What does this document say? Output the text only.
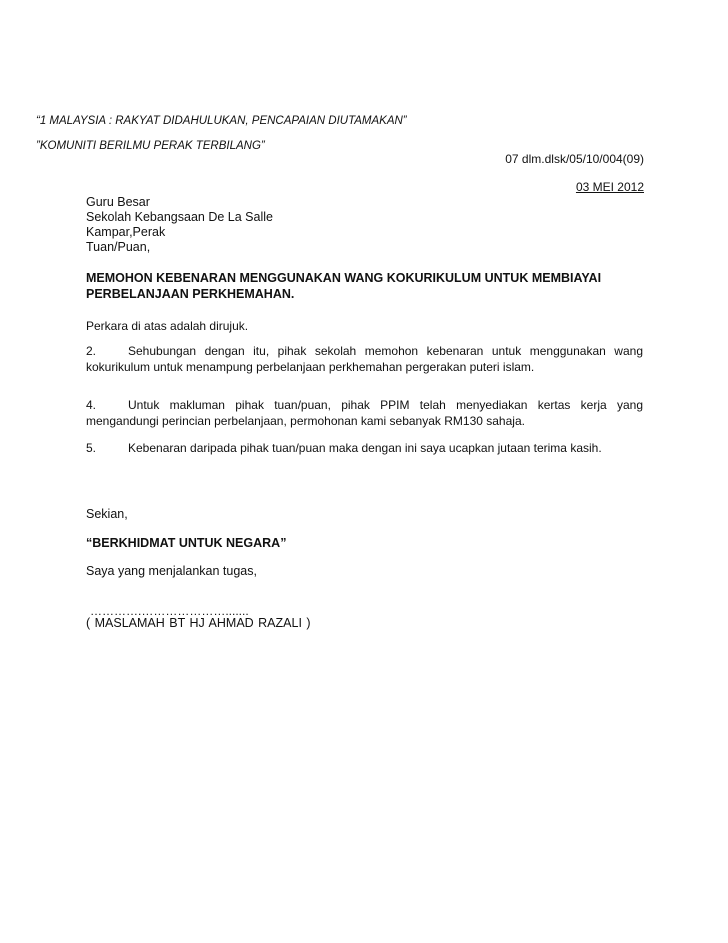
“1 MALAYSIA : RAKYAT DIDAHULUKAN, PENCAPAIAN DIUTAMAKAN”
”KOMUNITI BERILMU PERAK TERBILANG”
07 dlm.dlsk/05/10/004(09)
03 MEI 2012
Guru Besar
Sekolah Kebangsaan De La Salle
Kampar,Perak
Tuan/Puan,
MEMOHON KEBENARAN MENGGUNAKAN WANG KOKURIKULUM UNTUK MEMBIAYAI
PERBELANJAAN PERKHEMAHAN.
Perkara di atas adalah dirujuk.
2.	Sehubungan dengan itu, pihak sekolah memohon kebenaran untuk menggunakan wang
kokurikulum untuk menampung perbelanjaan perkhemahan pergerakan puteri islam.
4.	Untuk makluman pihak tuan/puan, pihak PPIM telah menyediakan kertas kerja yang
mengandungi perincian perbelanjaan, permohonan kami sebanyak RM130 sahaja.
5.	Kebenaran daripada pihak tuan/puan maka dengan ini saya ucapkan jutaan terima kasih.
Sekian,
“BERKHIDMAT UNTUK NEGARA”
Saya yang menjalankan tugas,
………….………………….......
( MASLAMAH BT HJ AHMAD RAZALI )
